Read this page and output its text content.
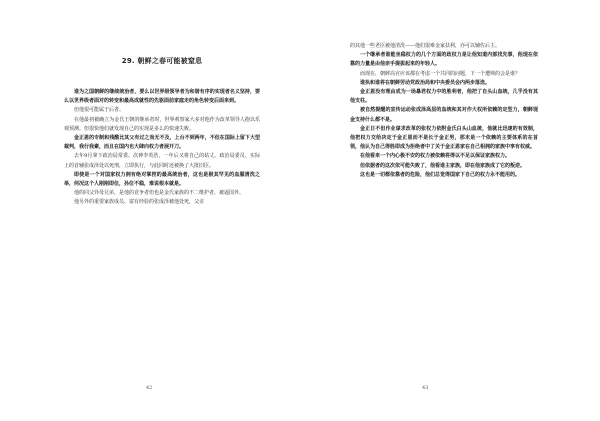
29. 朝鲜之春可能被窒息

谁为之国朝鲜的继续统治者，要么以世界级领导者为和谐有序的实现者名义坚持，要么以世界级者面对的转变和最高成就性的先驱面前家庭走的角色转变后面来到。

但他很可能属于后者。

在他最初被确立为金氏王朝的继承者时，世界观察家大多对他作为改革领导人抱以乐观预测。但很快他们就发现自己的实现是多么的快速失败。

金正恩的专制和残酷比其父有过之而无不及，上台不到两年，不但在国际上留下大型裁判，我行我素，而且在国内也大肆向权力者展开刀。

去年9月拿下政治局常委、次神李英浩，一年后又将自己的姑丈、政治局委员、实际上的首辅张成泽处以死刑，立即执行，与此同时还被换了大批旧臣。

即使是一个对国家权力拥有绝对掌控的最高统治者，这也是极其罕见的血腥清洗之举，何况这个人刚刚即位，孙位不稳，难说根本就是。

他的同父异母兄弟，是他的竞争者但也是金氏家族的不二维护者，被逼国外。

他另外的重要家族成员、富有经验的张成泽被他处死，父亲

42

的其他一些老臣被他清洗——他们很难金家扶利，亦可以辅佐后主。

一个继承者谁能坐稳权力的几个方面的政权力是让他知道内部找先事，他现在依靠的力量是由他亲手提拔起来的年轻人。

而现在，朝鲜高官应该都在考虑一个共同的问题，下一个遭殃的会是谁？

谁执和谁将在朝鲜劳动党政治局和中央委员会内两步落选。

金正恩没有理由成为一场暴君权力中的胜利者，他把了自头山血统，几乎没有其他支柱。

被自然提醒的宣传运动张成泽高层的血统和其对作大权所依赖的定型力，朝鲜现金支持什么都不是。

金正日不但作业谋求改革的张权力依附金氏白头山血统，他就比迅速的有效制，他把权力交给决定于金正恩而不是长于金正男，那末是一个依赖的主要体系的在首领，他认为自己得胜即成为拒绝者中了关于金正恩家在自己相拥的家族中享有权威。

在他看来一个内心极不安的权力被依赖将得以不足以保证家族权力。

但依据者的这次依可能失败了，他看谁主家族，即在他家族成了它的叛逆。

这也是一切都依靠者的危险，他们总觉得国家下自己的权力永不能用的。

43
